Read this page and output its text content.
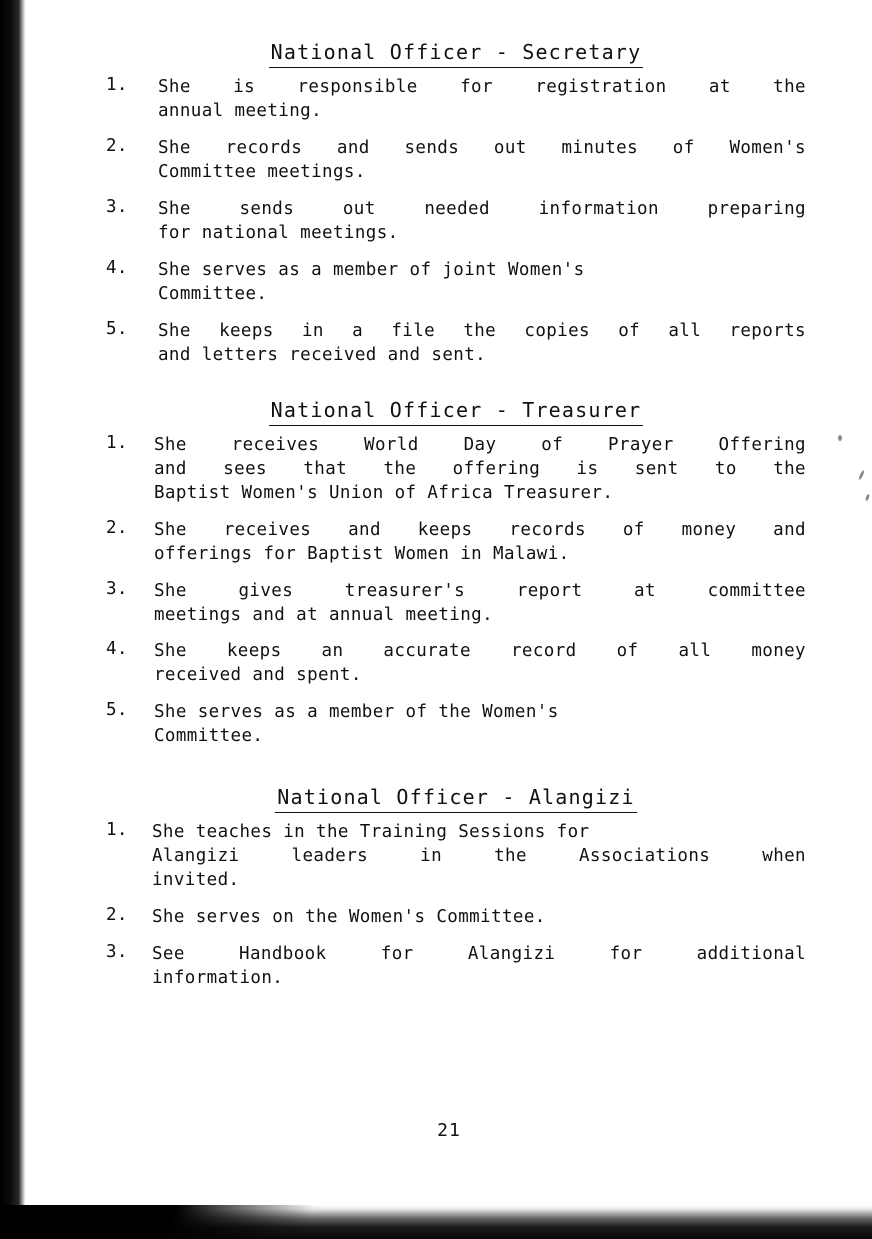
National Officer - Secretary
1.	She is responsible for registration at the
annual meeting.
2.	She records and sends out minutes of Women's
Committee meetings.
3.	She sends out needed information preparing
for national meetings.
4.	She serves as a member of joint Women's
Committee.
5.	She keeps in a file the copies of all reports
and letters received and sent.
National Officer - Treasurer
1.	She receives World Day of Prayer Offering
and sees that the offering is sent to the
Baptist Women's Union of Africa Treasurer.
2.	She receives and keeps records of money and
offerings for Baptist Women in Malawi.
3.	She gives treasurer's report at committee
meetings and at annual meeting.
4.	She keeps an accurate record of all money
received and spent.
5.	She serves as a member of the Women's
Committee.
National Officer - Alangizi
1.	She teaches in the Training Sessions for
Alangizi leaders in the Associations when
invited.
2.	She serves on the Women's Committee.
3.	See Handbook for Alangizi for additional
information.
21
